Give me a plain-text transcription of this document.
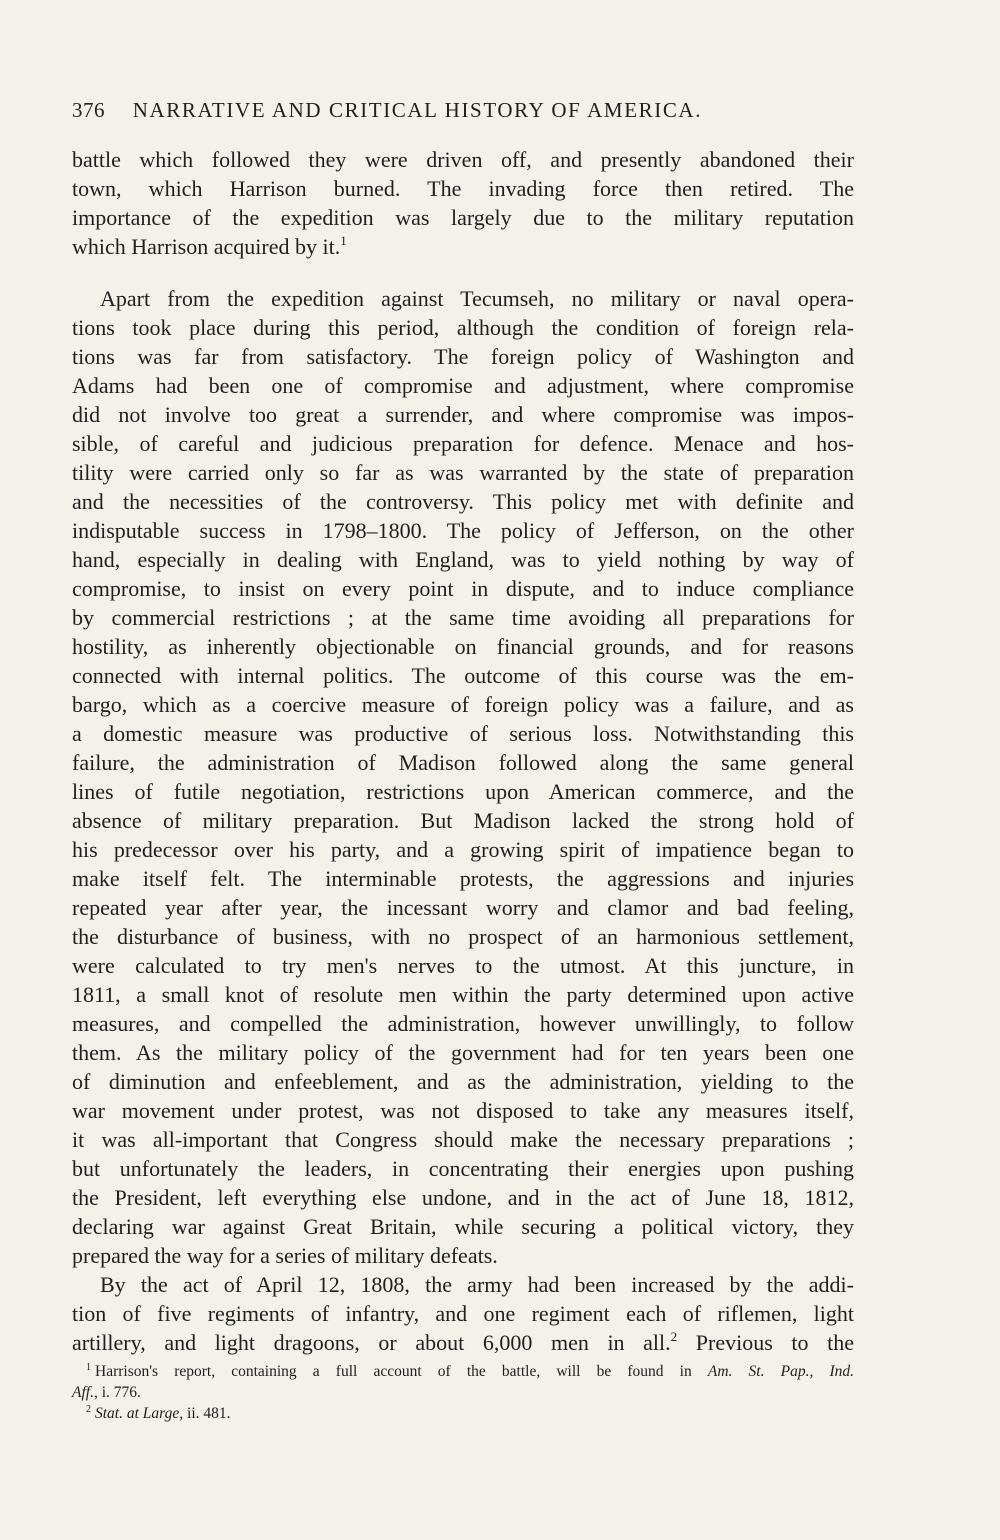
376 NARRATIVE AND CRITICAL HISTORY OF AMERICA.
battle which followed they were driven off, and presently abandoned their
town, which Harrison burned. The invading force then retired. The
importance of the expedition was largely due to the military reputation
which Harrison acquired by it.$^1$
Apart from the expedition against Tecumseh, no military or naval opera-
tions took place during this period, although the condition of foreign rela-
tions was far from satisfactory. The foreign policy of Washington and
Adams had been one of compromise and adjustment, where compromise
did not involve too great a surrender, and where compromise was impos-
sible, of careful and judicious preparation for defence. Menace and hos-
tility were carried only so far as was warranted by the state of preparation
and the necessities of the controversy. This policy met with definite and
indisputable success in 1798–1800. The policy of Jefferson, on the other
hand, especially in dealing with England, was to yield nothing by way of
compromise, to insist on every point in dispute, and to induce compliance
by commercial restrictions ; at the same time avoiding all preparations for
hostility, as inherently objectionable on financial grounds, and for reasons
connected with internal politics. The outcome of this course was the em-
bargo, which as a coercive measure of foreign policy was a failure, and as
a domestic measure was productive of serious loss. Notwithstanding this
failure, the administration of Madison followed along the same general
lines of futile negotiation, restrictions upon American commerce, and the
absence of military preparation. But Madison lacked the strong hold of
his predecessor over his party, and a growing spirit of impatience began to
make itself felt. The interminable protests, the aggressions and injuries
repeated year after year, the incessant worry and clamor and bad feeling,
the disturbance of business, with no prospect of an harmonious settlement,
were calculated to try men's nerves to the utmost. At this juncture, in
1811, a small knot of resolute men within the party determined upon active
measures, and compelled the administration, however unwillingly, to follow
them. As the military policy of the government had for ten years been one
of diminution and enfeeblement, and as the administration, yielding to the
war movement under protest, was not disposed to take any measures itself,
it was all-important that Congress should make the necessary preparations ;
but unfortunately the leaders, in concentrating their energies upon pushing
the President, left everything else undone, and in the act of June 18, 1812,
declaring war against Great Britain, while securing a political victory, they
prepared the way for a series of military defeats.
By the act of April 12, 1808, the army had been increased by the addi-
tion of five regiments of infantry, and one regiment each of riflemen, light
artillery, and light dragoons, or about 6,000 men in all.$^2$ Previous to the
$^1$ Harrison's report, containing a full account of the battle, will be found in Am. St. Pap., Ind.
Aff., i. 776.
$^2$ Stat. at Large, ii. 481.
